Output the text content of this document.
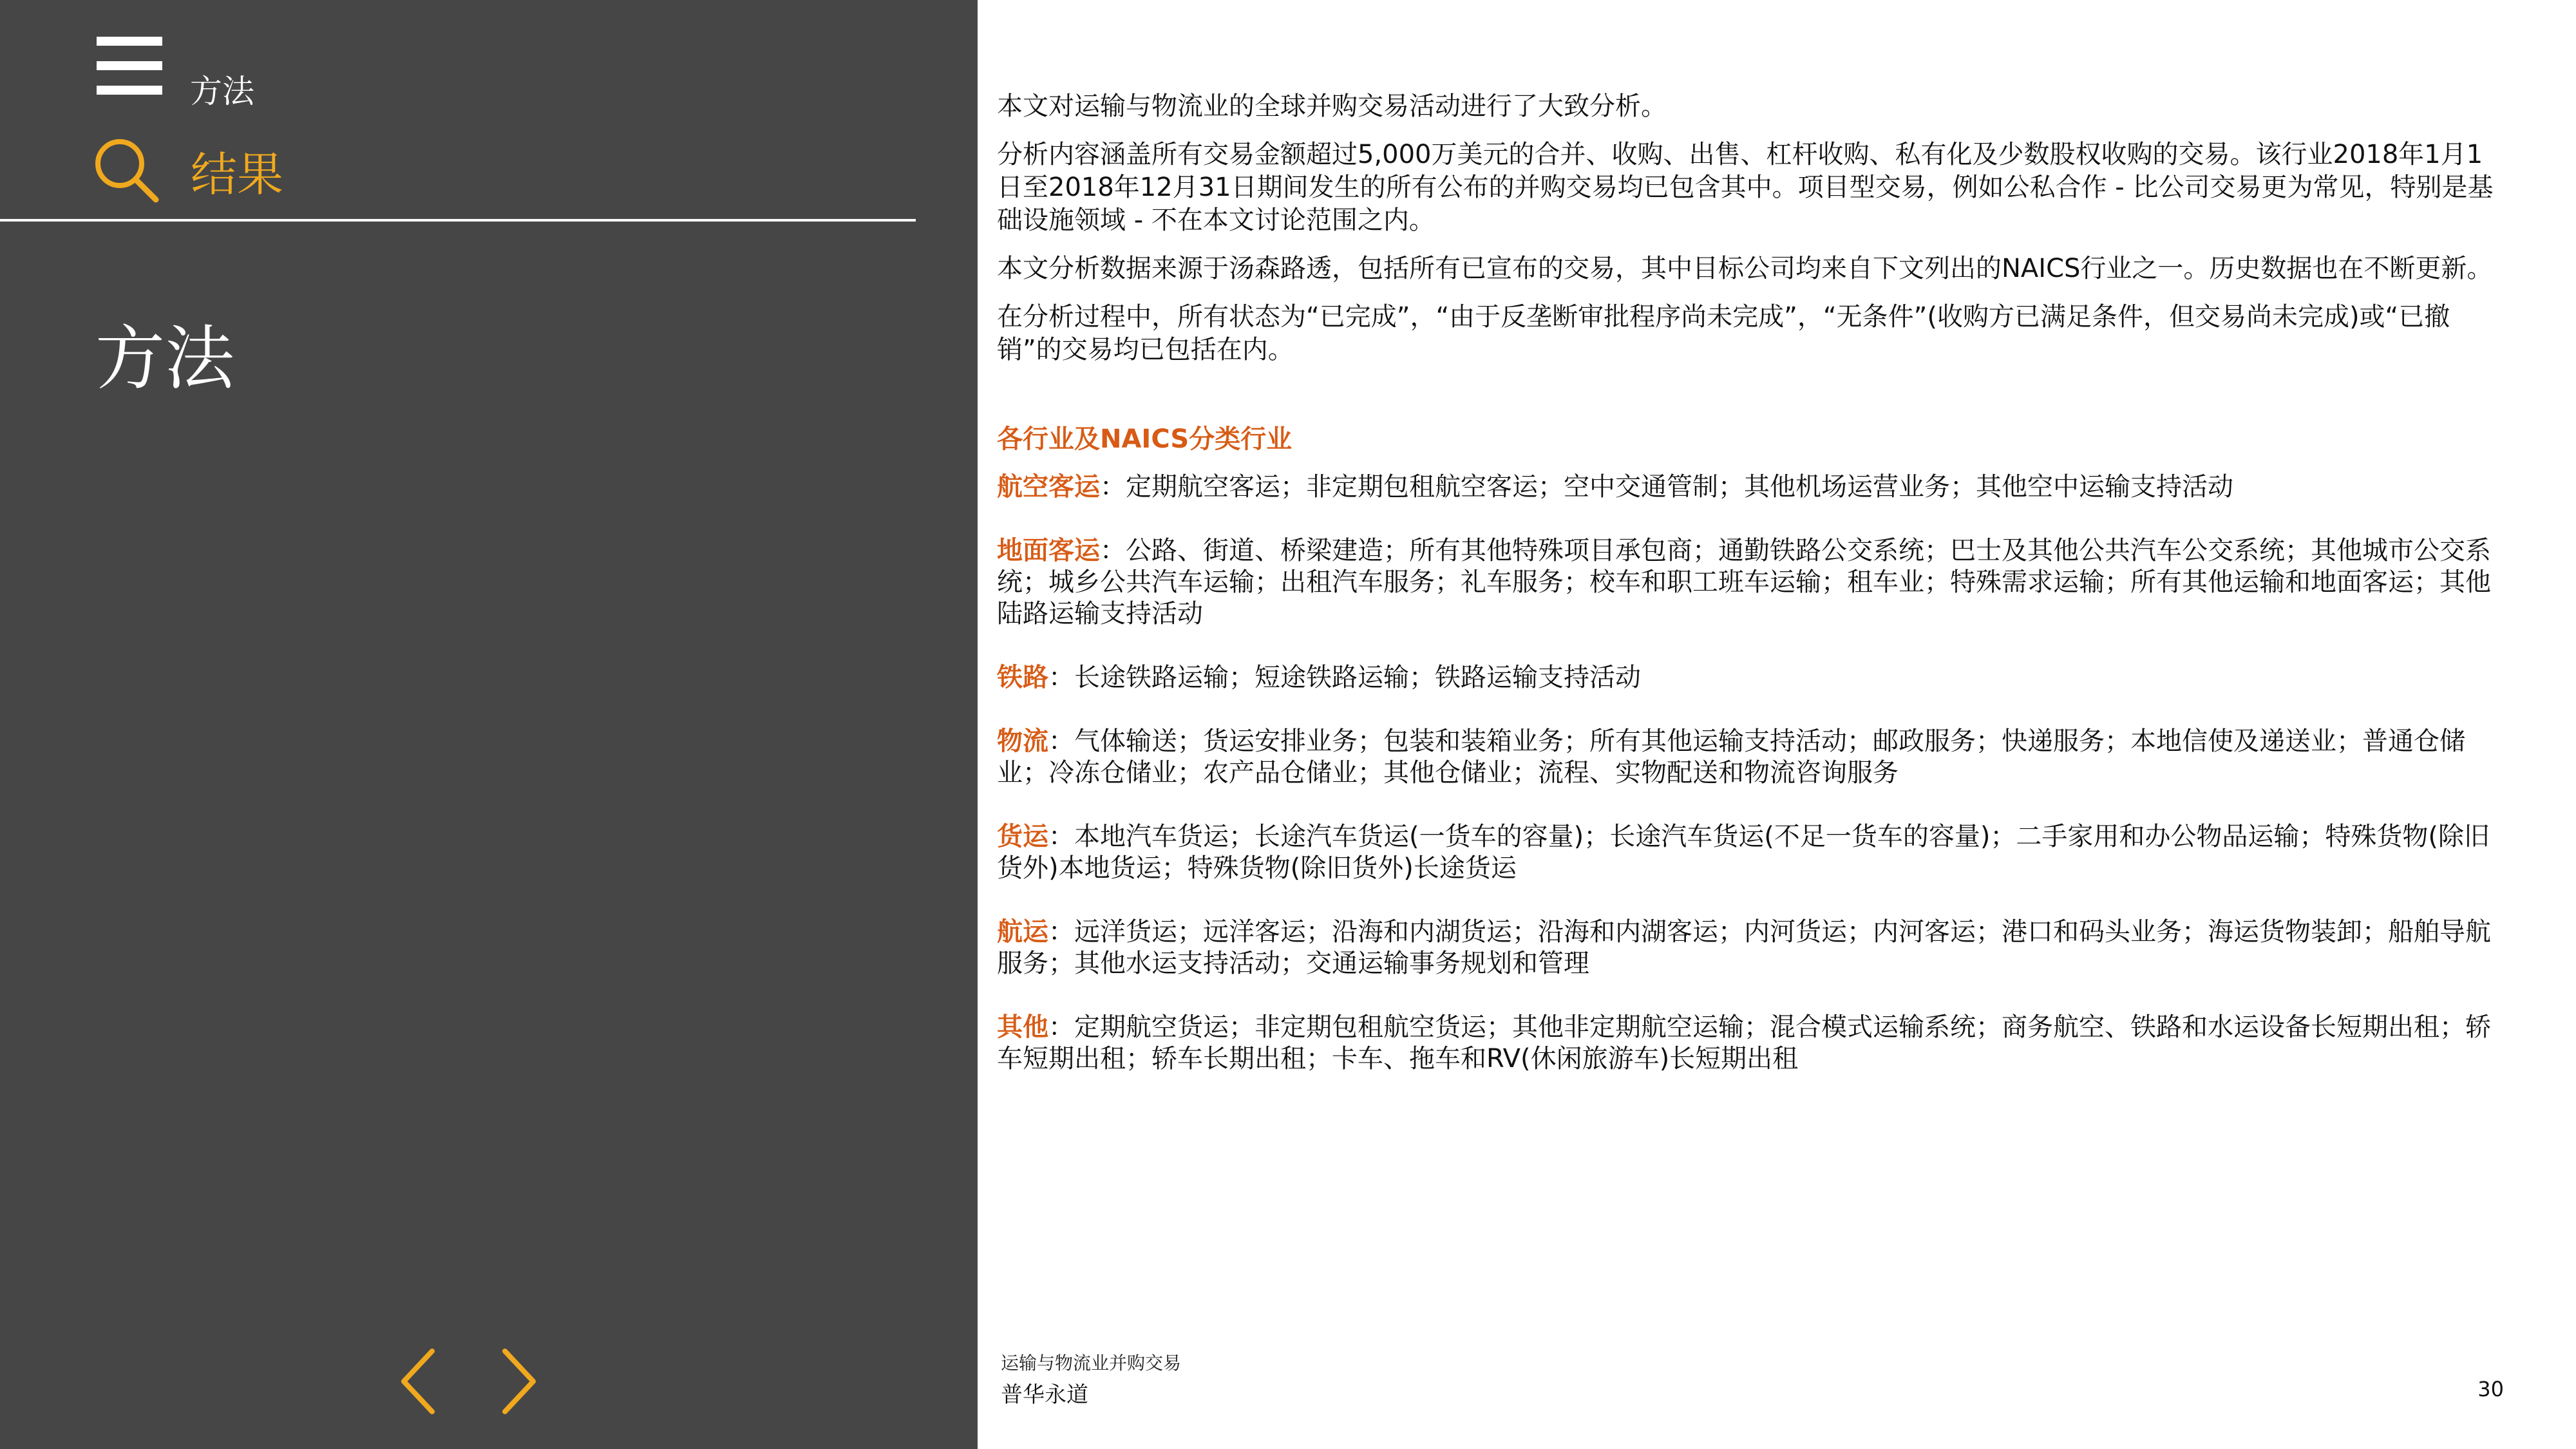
方法
结果
方法

本文对运输与物流业的全球并购交易活动进行了大致分析。

分析内容涵盖所有交易金额超过5,000万美元的合并、收购、出售、杠杆收购、私有化及少数股权收购的交易。该行业2018年1月1日至2018年12月31日期间发生的所有公布的并购交易均已包含其中。项目型交易，例如公私合作 - 比公司交易更为常见，特别是基础设施领域 - 不在本文讨论范围之内。

本文分析数据来源于汤森路透，包括所有已宣布的交易，其中目标公司均来自下文列出的NAICS行业之一。历史数据也在不断更新。

在分析过程中，所有状态为“已完成”，“由于反垄断审批程序尚未完成”，“无条件”(收购方已满足条件，但交易尚未完成)或“已撤销”的交易均已包括在内。

各行业及NAICS分类行业

航空客运：定期航空客运；非定期包租航空客运；空中交通管制；其他机场运营业务；其他空中运输支持活动

地面客运：公路、街道、桥梁建造；所有其他特殊项目承包商；通勤铁路公交系统；巴士及其他公共汽车公交系统；其他城市公交系统；城乡公共汽车运输；出租汽车服务；礼车服务；校车和职工班车运输；租车业；特殊需求运输；所有其他运输和地面客运；其他陆路运输支持活动

铁路：长途铁路运输；短途铁路运输；铁路运输支持活动

物流：气体输送；货运安排业务；包装和装箱业务；所有其他运输支持活动；邮政服务；快递服务；本地信使及递送业；普通仓储业；冷冻仓储业；农产品仓储业；其他仓储业；流程、实物配送和物流咨询服务

货运：本地汽车货运；长途汽车货运(一货车的容量)；长途汽车货运(不足一货车的容量)；二手家用和办公物品运输；特殊货物(除旧货外)本地货运；特殊货物(除旧货外)长途货运

航运：远洋货运；远洋客运；沿海和内湖货运；沿海和内湖客运；内河货运；内河客运；港口和码头业务；海运货物装卸；船舶导航服务；其他水运支持活动；交通运输事务规划和管理

其他：定期航空货运；非定期包租航空货运；其他非定期航空运输；混合模式运输系统；商务航空、铁路和水运设备长短期出租；轿车短期出租；轿车长期出租；卡车、拖车和RV(休闲旅游车)长短期出租

运输与物流业并购交易
普华永道	30
